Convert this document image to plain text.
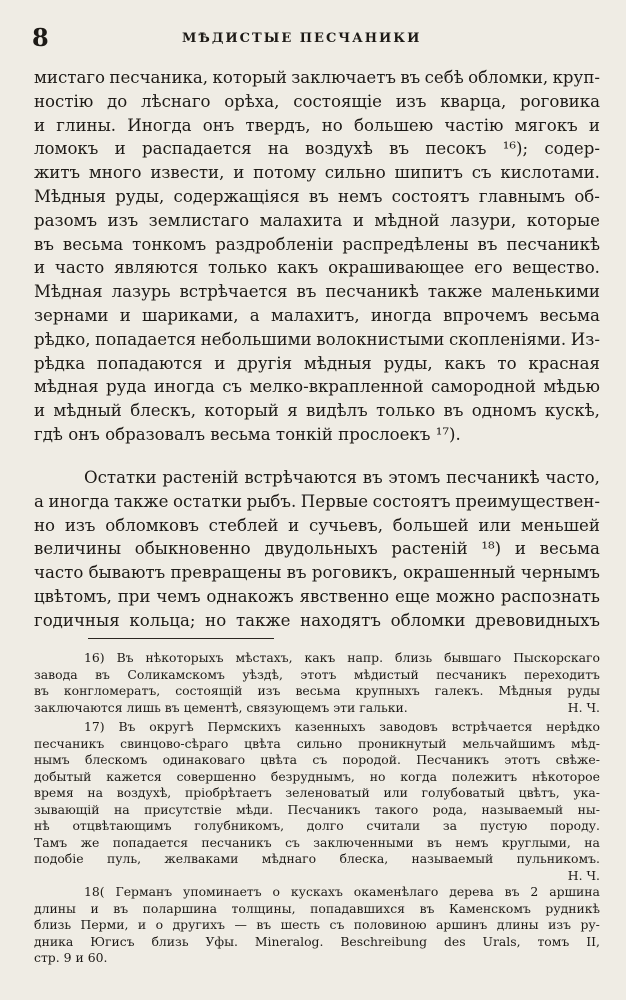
8	МѢДИСТЫЕ ПЕСЧАНИКИ
мистаго песчаника, который заключаетъ въ себѣ обломки, круп-
ностію до лѣснаго орѣха, состоящіе изъ кварца, роговика
и глины. Иногда онъ твердъ, но большею частію мягокъ и
ломокъ и распадается на воздухѣ въ песокъ ¹⁶); содер-
житъ много извести, и потому сильно шипитъ съ кислотами.
Мѣдныя руды, содержащіяся въ немъ состоятъ главнымъ об-
разомъ изъ землистаго малахита и мѣдной лазури, которые
въ весьма тонкомъ раздробленіи распредѣлены въ песчаникѣ
и часто являются только какъ окрашивающее его вещество.
Мѣдная лазурь встрѣчается въ песчаникѣ также маленькими
зернами и шариками, а малахитъ, иногда впрочемъ весьма
рѣдко, попадается небольшими волокнистыми скопленіями. Из-
рѣдка попадаются и другія мѣдныя руды, какъ то красная
мѣдная руда иногда съ мелко-вкрапленной самородной мѣдью
и мѣдный блескъ, который я видѣлъ только въ одномъ кускѣ,
гдѣ онъ образовалъ весьма тонкій прослоекъ ¹⁷).
Остатки растеній встрѣчаются въ этомъ песчаникѣ часто,
а иногда также остатки рыбъ. Первые состоятъ преимуществен-
но изъ обломковъ стеблей и сучьевъ, большей или меньшей
величины обыкновенно двудольныхъ растеній ¹⁸) и весьма
часто бываютъ превращены въ роговикъ, окрашенный чернымъ
цвѣтомъ, при чемъ однакожъ явственно еще можно распознать
годичныя кольца; но также находятъ обломки древовидныхъ
16) Въ нѣкоторыхъ мѣстахъ, какъ напр. близь бывшаго Пыскорскаго
завода въ Соликамскомъ уѣздѣ, этотъ мѣдистый песчаникъ переходитъ
въ конгломератъ, состоящій изъ весьма крупныхъ галекъ. Мѣдныя руды
заключаются лишь въ цементѣ, связующемъ эти гальки.	Н. Ч.
17) Въ округѣ Пермскихъ казенныхъ заводовъ встрѣчается нерѣдко
песчаникъ свинцово-сѣраго цвѣта сильно проникнутый мельчайшимъ мѣд-
нымъ блескомъ одинаковаго цвѣта съ породой. Песчаникъ этотъ свѣже-
добытый кажется совершенно безруднымъ, но когда полежитъ нѣкоторое
время на воздухѣ, пріобрѣтаетъ зеленоватый или голубоватый цвѣтъ, ука-
зывающій на присутствіе мѣди. Песчаникъ такого рода, называемый ны-
нѣ отцвѣтающимъ голубникомъ, долго считали за пустую породу.
Тамъ же попадается песчаникъ съ заключенными въ немъ круглыми, на
подобіе пуль, желваками мѣднаго блеска, называемый пульникомъ.
Н. Ч.
18( Германъ упоминаетъ о кускахъ окаменѣлаго дерева въ 2 аршина
длины и въ поларшина толщины, попадавшихся въ Каменскомъ рудникѣ
близь Перми, и о другихъ — въ шесть съ половиною аршинъ длины изъ ру-
дника Югисъ близь Уфы. Mineralog. Beschreibung des Urals, томъ II,
стр. 9 и 60.
